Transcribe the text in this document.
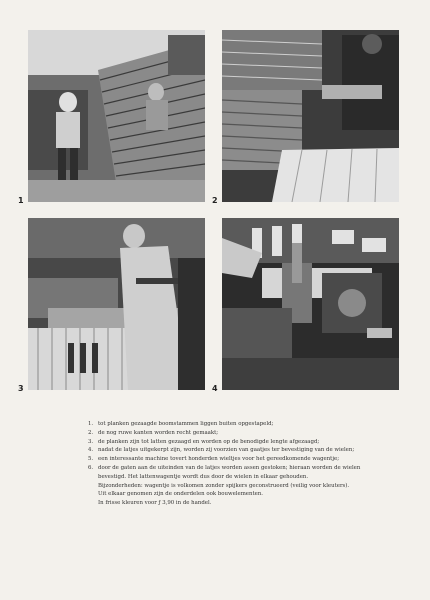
1	2
3	4
1. tot planken gezaagde boomstammen liggen buiten opgestapeld;
2. de nog ruwe kanten worden recht gemaakt;
3. de planken zijn tot latten gezaagd en worden op de benodigde lengte afgezaagd;
4. nadat de latjes uitgekerpt zijn, worden zij voorzien van gaatjes ter bevestiging van de wielen;
5. een interessante machine tovert honderden wieltjes voor het gereedkomende wagentje;
6. door de gaten aan de uiteinden van de latjes worden assen gestoken; hieraan worden de wielen bevestigd. Het lattenwagentje wordt dus door de wielen in elkaar gehouden.
Bijzonderheden: wagentje is volkomen zonder spijkers geconstrueerd (veilig voor kleuters).
Uit elkaar genomen zijn de onderdelen ook bouwelementen.
In frisse kleuren voor ƒ 3,90 in de handel.
